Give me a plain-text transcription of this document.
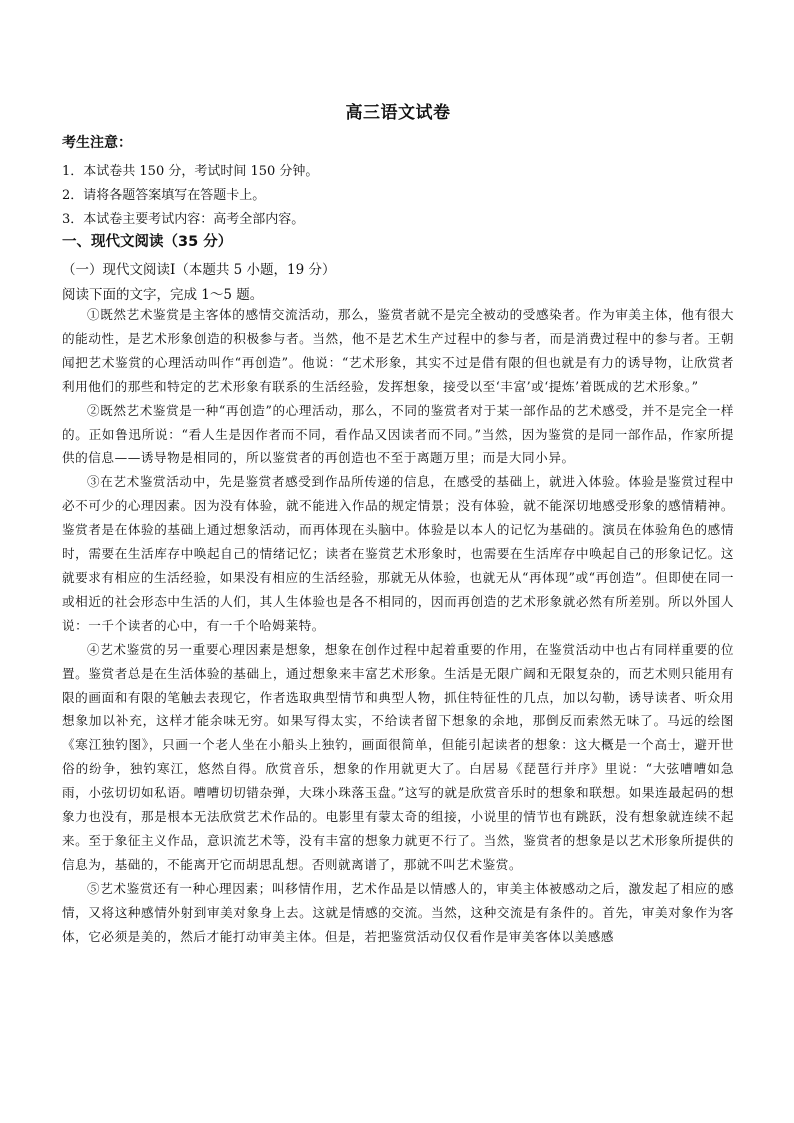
高三语文试卷
考生注意：
1．本试卷共 150 分，考试时间 150 分钟。
2．请将各题答案填写在答题卡上。
3．本试卷主要考试内容：高考全部内容。
一、现代文阅读（35 分）
（一）现代文阅读Ⅰ（本题共 5 小题，19 分）
阅读下面的文字，完成 1～5 题。

①既然艺术鉴赏是主客体的感情交流活动，那么，鉴赏者就不是完全被动的受感染者。作为审美主体，他有很大的能动性，是艺术形象创造的积极参与者。当然，他不是艺术生产过程中的参与者，而是消费过程中的参与者。王朝闻把艺术鉴赏的心理活动叫作“再创造”。他说：“艺术形象，其实不过是借有限的但也就是有力的诱导物，让欣赏者利用他们的那些和特定的艺术形象有联系的生活经验，发挥想象，接受以至‘丰富’或‘提炼’着既成的艺术形象。”

②既然艺术鉴赏是一种“再创造”的心理活动，那么，不同的鉴赏者对于某一部作品的艺术感受，并不是完全一样的。正如鲁迅所说：“看人生是因作者而不同，看作品又因读者而不同。”当然，因为鉴赏的是同一部作品，作家所提供的信息——诱导物是相同的，所以鉴赏者的再创造也不至于离题万里；而是大同小异。

③在艺术鉴赏活动中，先是鉴赏者感受到作品所传递的信息，在感受的基础上，就进入体验。体验是鉴赏过程中必不可少的心理因素。因为没有体验，就不能进入作品的规定情景；没有体验，就不能深切地感受形象的感情精神。鉴赏者是在体验的基础上通过想象活动，而再体现在头脑中。体验是以本人的记忆为基础的。演员在体验角色的感情时，需要在生活库存中唤起自己的情绪记忆；读者在鉴赏艺术形象时，也需要在生活库存中唤起自己的形象记忆。这就要求有相应的生活经验，如果没有相应的生活经验，那就无从体验，也就无从“再体现”或“再创造”。但即使在同一或相近的社会形态中生活的人们，其人生体验也是各不相同的，因而再创造的艺术形象就必然有所差别。所以外国人说：一千个读者的心中，有一千个哈姆莱特。

④艺术鉴赏的另一重要心理因素是想象，想象在创作过程中起着重要的作用，在鉴赏活动中也占有同样重要的位置。鉴赏者总是在生活体验的基础上，通过想象来丰富艺术形象。生活是无限广阔和无限复杂的，而艺术则只能用有限的画面和有限的笔触去表现它，作者选取典型情节和典型人物，抓住特征性的几点，加以勾勒，诱导读者、听众用想象加以补充，这样才能余味无穷。如果写得太实，不给读者留下想象的余地，那倒反而索然无味了。马远的绘图《寒江独钓图》，只画一个老人坐在小船头上独钓，画面很简单，但能引起读者的想象：这大概是一个高士，避开世俗的纷争，独钓寒江，悠然自得。欣赏音乐，想象的作用就更大了。白居易《琵琶行并序》里说：“大弦嘈嘈如急雨，小弦切切如私语。嘈嘈切切错杂弹，大珠小珠落玉盘。”这写的就是欣赏音乐时的想象和联想。如果连最起码的想象力也没有，那是根本无法欣赏艺术作品的。电影里有蒙太奇的组接，小说里的情节也有跳跃，没有想象就连续不起来。至于象征主义作品，意识流艺术等，没有丰富的想象力就更不行了。当然，鉴赏者的想象是以艺术形象所提供的信息为，基础的，不能离开它而胡思乱想。否则就离谱了，那就不叫艺术鉴赏。

⑤艺术鉴赏还有一种心理因素；叫移情作用，艺术作品是以情感人的，审美主体被感动之后，激发起了相应的感情，又将这种感情外射到审美对象身上去。这就是情感的交流。当然，这种交流是有条件的。首先，审美对象作为客体，它必须是美的，然后才能打动审美主体。但是，若把鉴赏活动仅仅看作是审美客体以美感感
